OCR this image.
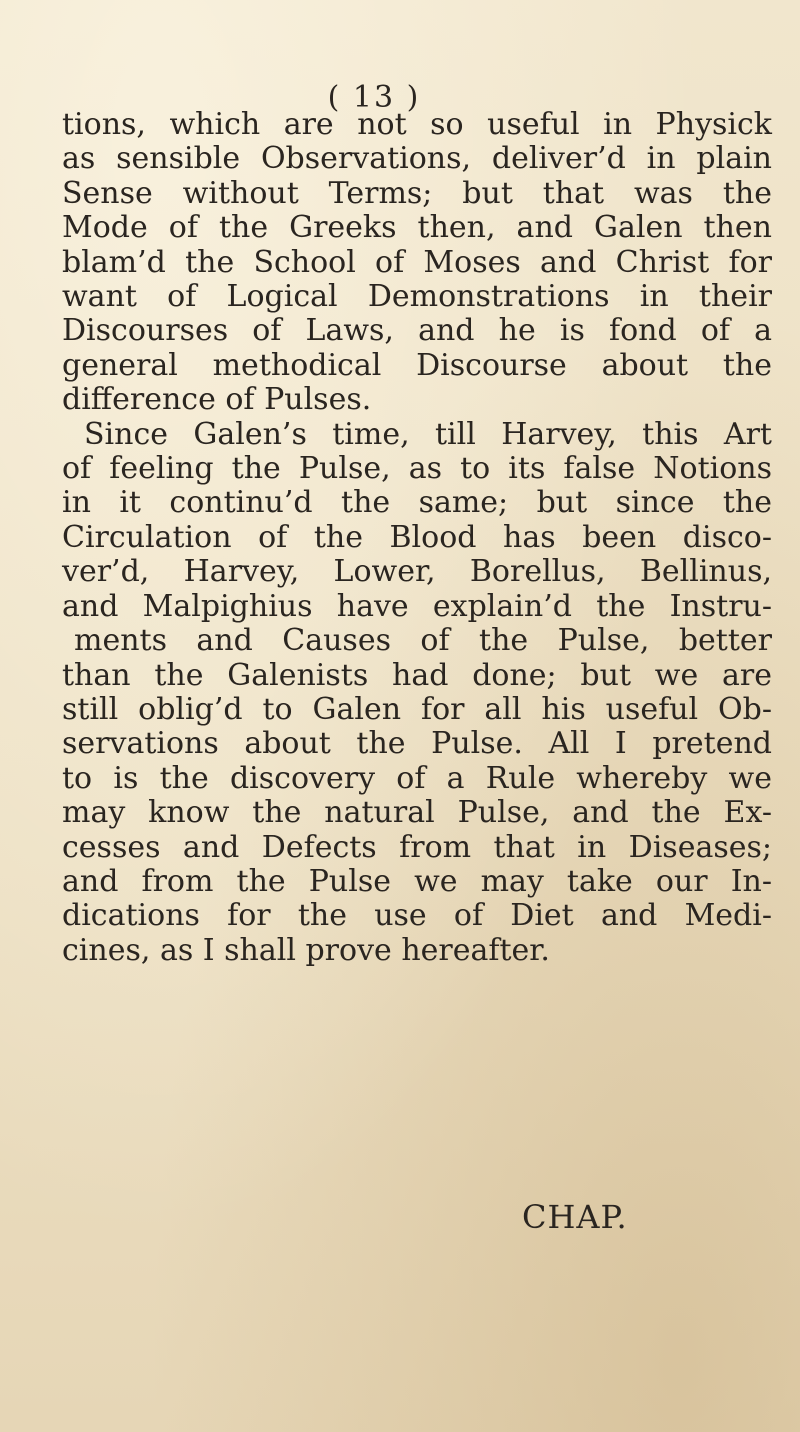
( 13 )
tions, which are not so useful in Physick
as sensible Observations, deliver’d in plain
Sense without Terms; but that was the
Mode of the Greeks then, and Galen then
blam’d the School of Moses and Christ for
want of Logical Demonstrations in their
Discourses of Laws, and he is fond of a
general methodical Discourse about the
difference of Pulses.
Since Galen’s time, till Harvey, this Art
of feeling the Pulse, as to its false Notions
in it continu’d the same; but since the
Circulation of the Blood has been disco-
ver’d, Harvey, Lower, Borellus, Bellinus,
and Malpighius have explain’d the Instru-
ments and Causes of the Pulse, better
than the Galenists had done; but we are
still oblig’d to Galen for all his useful Ob-
servations about the Pulse. All I pretend
to is the discovery of a Rule whereby we
may know the natural Pulse, and the Ex-
cesses and Defects from that in Diseases;
and from the Pulse we may take our In-
dications for the use of Diet and Medi-
cines, as I shall prove hereafter.
CHAP.
